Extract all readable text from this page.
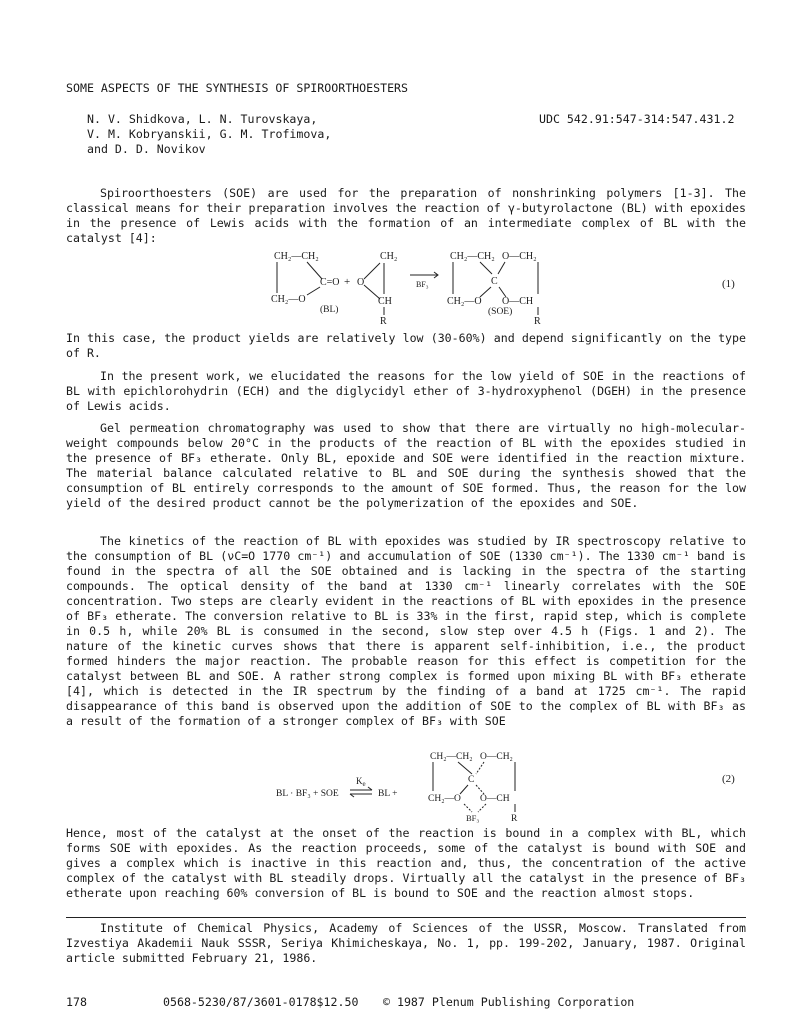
SOME ASPECTS OF THE SYNTHESIS OF SPIROORTHOESTERS
N. V. Shidkova, L. N. Turovskaya,
V. M. Kobryanskii, G. M. Trofimova,
and D. D. Novikov
UDC 542.91:547-314:547.431.2

Spiroorthoesters (SOE) are used for the preparation of nonshrinking polymers [1-3]. The classical means for their preparation involves the reaction of γ-butyrolactone (BL) with epoxides in the presence of Lewis acids with the formation of an intermediate complex of BL with the catalyst [4]:

CH₂—CH₂
C=O
CH₂—O
(BL)
+
CH₂
O
CH
R
BF₃
CH₂—CH₂ O—CH₂
C
CH₂—O O—CH
(SOE)
R
(1)

In this case, the product yields are relatively low (30-60%) and depend significantly on the type of R.

In the present work, we elucidated the reasons for the low yield of SOE in the reactions of BL with epichlorohydrin (ECH) and the diglycidyl ether of 3-hydroxyphenol (DGEH) in the presence of Lewis acids.

Gel permeation chromatography was used to show that there are virtually no high-molecular-weight compounds below 20°C in the products of the reaction of BL with the epoxides studied in the presence of BF₃ etherate. Only BL, epoxide and SOE were identified in the reaction mixture. The material balance calculated relative to BL and SOE during the synthesis showed that the consumption of BL entirely corresponds to the amount of SOE formed. Thus, the reason for the low yield of the desired product cannot be the polymerization of the epoxides and SOE.

The kinetics of the reaction of BL with epoxides was studied by IR spectroscopy relative to the consumption of BL (νC=O 1770 cm⁻¹) and accumulation of SOE (1330 cm⁻¹). The 1330 cm⁻¹ band is found in the spectra of all the SOE obtained and is lacking in the spectra of the starting compounds. The optical density of the band at 1330 cm⁻¹ linearly correlates with the SOE concentration. Two steps are clearly evident in the reactions of BL with epoxides in the presence of BF₃ etherate. The conversion relative to BL is 33% in the first, rapid step, which is complete in 0.5 h, while 20% BL is consumed in the second, slow step over 4.5 h (Figs. 1 and 2). The nature of the kinetic curves shows that there is apparent self-inhibition, i.e., the product formed hinders the major reaction. The probable reason for this effect is competition for the catalyst between BL and SOE. A rather strong complex is formed upon mixing BL with BF₃ etherate [4], which is detected in the IR spectrum by the finding of a band at 1725 cm⁻¹. The rapid disappearance of this band is observed upon the addition of SOE to the complex of BL with BF₃ as a result of the formation of a stronger complex of BF₃ with SOE

BL · BF₃ + SOE
$K_e$
BL +
CH₂—CH₂ O—CH₂
C
CH₂—O O—CH
BF₃	R
(2)

Hence, most of the catalyst at the onset of the reaction is bound in a complex with BL, which forms SOE with epoxides. As the reaction proceeds, some of the catalyst is bound with SOE and gives a complex which is inactive in this reaction and, thus, the concentration of the active complex of the catalyst with BL steadily drops. Virtually all the catalyst in the presence of BF₃ etherate upon reaching 60% conversion of BL is bound to SOE and the reaction almost stops.

Institute of Chemical Physics, Academy of Sciences of the USSR, Moscow. Translated from Izvestiya Akademii Nauk SSSR, Seriya Khimicheskaya, No. 1, pp. 199-202, January, 1987. Original article submitted February 21, 1986.

178	0568-5230/87/3601-0178$12.50 © 1987 Plenum Publishing Corporation
